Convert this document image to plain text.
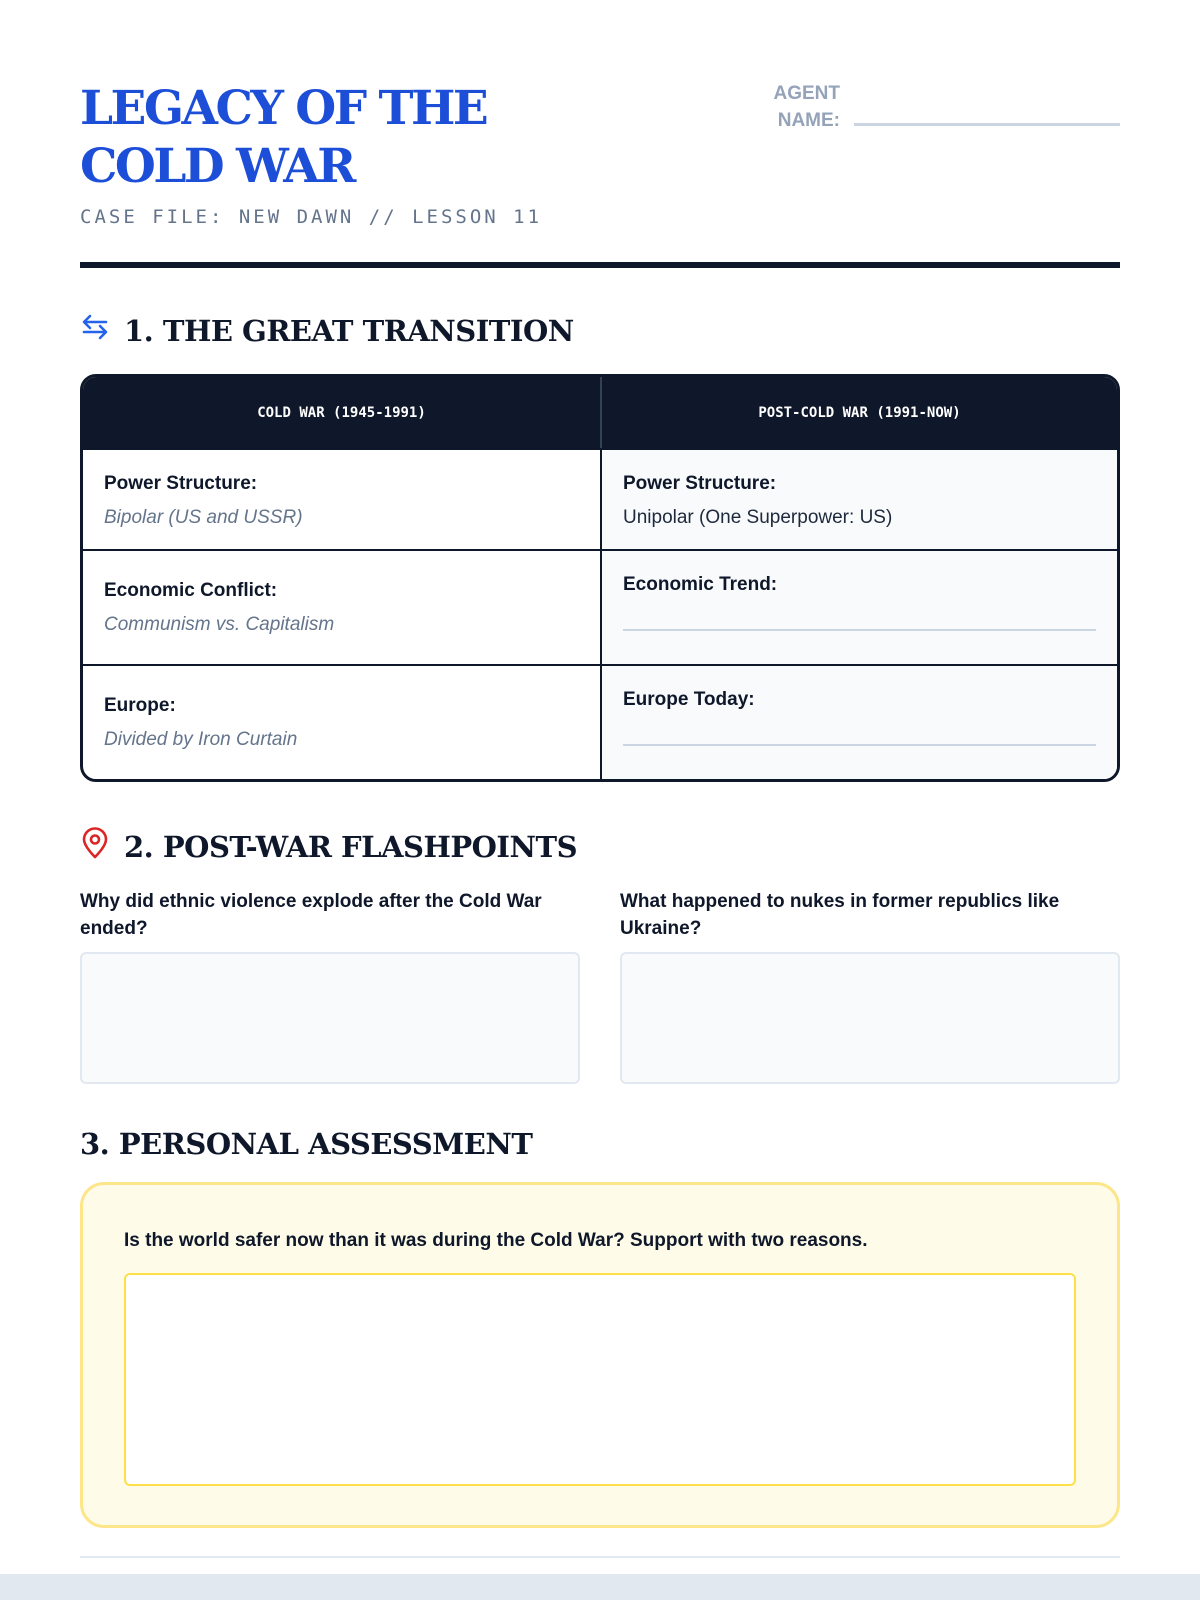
LEGACY OF THE COLD WAR
CASE FILE: NEW DAWN // LESSON 11
AGENT NAME:
1. THE GREAT TRANSITION
COLD WAR (1945-1991)	POST-COLD WAR (1991-NOW)
Power Structure:
Bipolar (US and USSR)
Power Structure:
Unipolar (One Superpower: US)
Economic Conflict:
Communism vs. Capitalism
Economic Trend:
Europe:
Divided by Iron Curtain
Europe Today:
2. POST-WAR FLASHPOINTS
Why did ethnic violence explode after the Cold War ended?
What happened to nukes in former republics like Ukraine?
3. PERSONAL ASSESSMENT
Is the world safer now than it was during the Cold War? Support with two reasons.
